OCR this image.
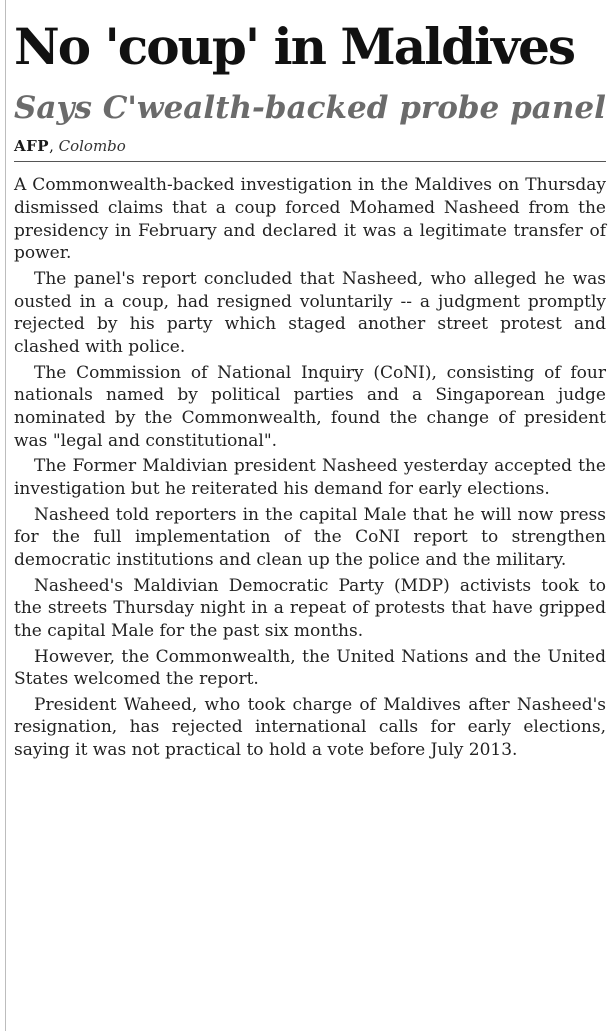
No 'coup' in Maldives
Says C'wealth-backed probe panel
AFP, Colombo

A Commonwealth-backed investigation in the Maldives on Thursday dismissed claims that a coup forced Mohamed Nasheed from the presidency in February and declared it was a legitimate transfer of power.

The panel's report concluded that Nasheed, who alleged he was ousted in a coup, had resigned voluntarily -- a judgment promptly rejected by his party which staged another street protest and clashed with police.

The Commission of National Inquiry (CoNI), consisting of four nationals named by political parties and a Singaporean judge nominated by the Commonwealth, found the change of president was "legal and constitutional".

The Former Maldivian president Nasheed yesterday accepted the investigation but he reiterated his demand for early elections.

Nasheed told reporters in the capital Male that he will now press for the full implementation of the CoNI report to strengthen democratic institutions and clean up the police and the military.

Nasheed's Maldivian Democratic Party (MDP) activists took to the streets Thursday night in a repeat of protests that have gripped the capital Male for the past six months.

However, the Commonwealth, the United Nations and the United States welcomed the report.

President Waheed, who took charge of Maldives after Nasheed's resignation, has rejected international calls for early elections, saying it was not practical to hold a vote before July 2013.
